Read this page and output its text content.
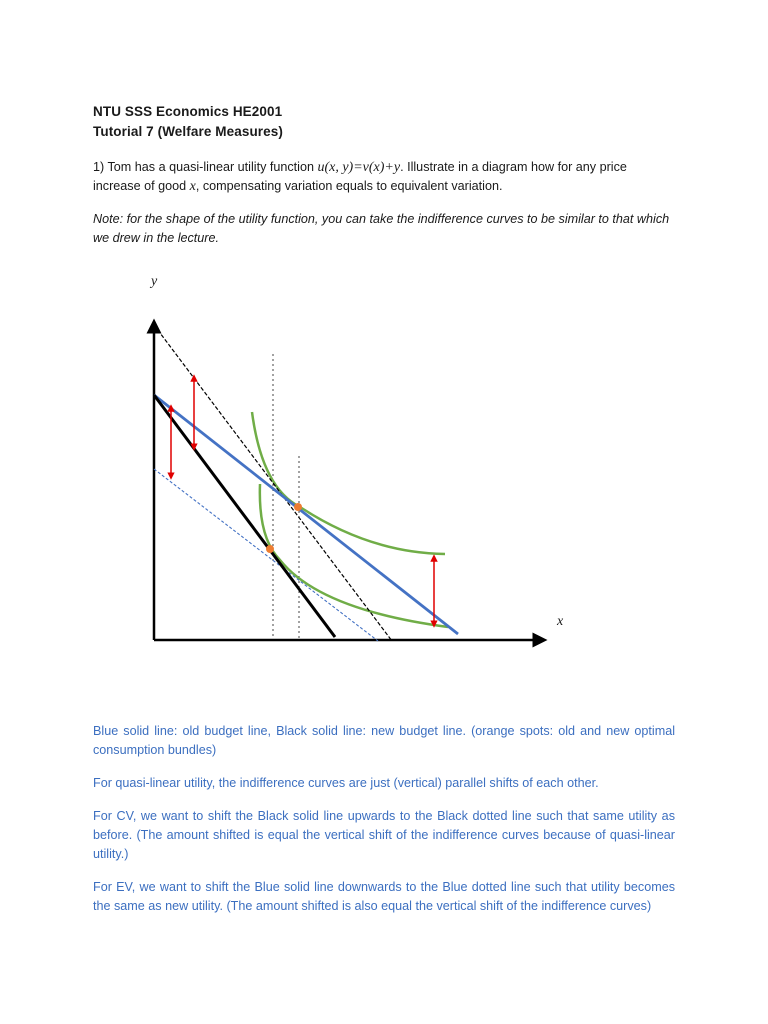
NTU SSS Economics HE2001
Tutorial 7 (Welfare Measures)
1) Tom has a quasi-linear utility function u(x, y)=v(x)+y. Illustrate in a diagram how for any price increase of good x, compensating variation equals to equivalent variation.
Note: for the shape of the utility function, you can take the indifference curves to be similar to that which we drew in the lecture.
y
x
Blue solid line: old budget line, Black solid line: new budget line. (orange spots: old and new optimal consumption bundles)
For quasi-linear utility, the indifference curves are just (vertical) parallel shifts of each other.
For CV, we want to shift the Black solid line upwards to the Black dotted line such that same utility as before. (The amount shifted is equal the vertical shift of the indifference curves because of quasi-linear utility.)
For EV, we want to shift the Blue solid line downwards to the Blue dotted line such that utility becomes the same as new utility. (The amount shifted is also equal the vertical shift of the indifference curves)
